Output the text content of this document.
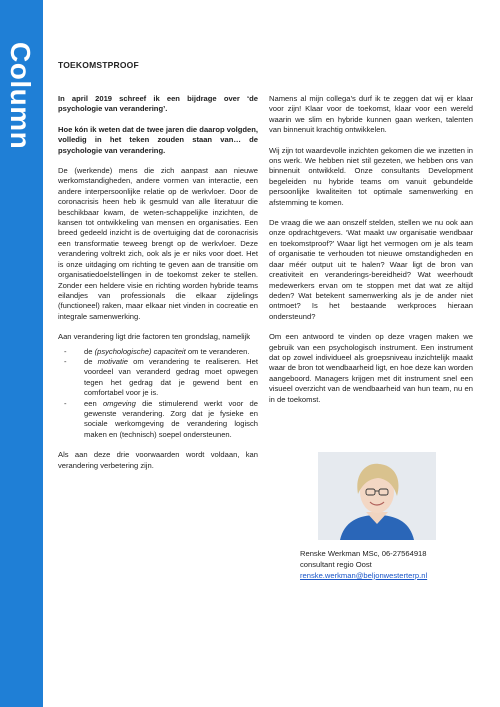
Column	TOEKOMSTPROOF

In april 2019 schreef ik een bijdrage over ‘de psychologie van verandering’.

Hoe kón ik weten dat de twee jaren die daarop volgden, volledig in het teken zouden staan van… de psychologie van verandering.

De (werkende) mens die zich aanpast aan nieuwe werkomstandigheden, andere vormen van interactie, een andere interpersoonlijke relatie op de werkvloer. Door de coronacrisis heen heb ik gesmuld van alle literatuur die beschikbaar kwam, de weten-schappelijke inzichten, de kansen tot ontwikkeling van mensen en organisaties. Een breed gedeeld inzicht is de overtuiging dat de coronacrisis een transformatie teweeg brengt op de werkvloer. Deze verandering voltrekt zich, ook als je er niks voor doet. Het is onze uitdaging om richting te geven aan de transitie om organisatiedoelstellingen in de toekomst zeker te stellen. Zonder een heldere visie en richting worden hybride teams eilandjes van professionals die elkaar zijdelings (functioneel) raken, maar elkaar niet vinden in cocreatie en integrale samenwerking.

Aan verandering ligt drie factoren ten grondslag, namelijk

- de (psychologische) capaciteit om te veranderen.
- de motivatie om verandering te realiseren. Het voordeel van veranderd gedrag moet opwegen tegen het gedrag dat je gewend bent en comfortabel voor je is.
- een omgeving die stimulerend werkt voor de gewenste verandering. Zorg dat je fysieke en sociale werkomgeving de verandering logisch maken en (technisch) soepel ondersteunen.

Als aan deze drie voorwaarden wordt voldaan, kan verandering verbetering zijn.

Namens al mijn collega’s durf ik te zeggen dat wij er klaar voor zijn! Klaar voor de toekomst, klaar voor een wereld waarin we slim en hybride kunnen gaan werken, talenten van binnenuit krachtig ontwikkelen.

Wij zijn tot waardevolle inzichten gekomen die we inzetten in ons werk. We hebben niet stil gezeten, we hebben ons van binnenuit ontwikkeld. Onze consultants Development begeleiden nu hybride teams om vanuit gebundelde persoonlijke kwaliteiten tot optimale samenwerking en afstemming te komen.

De vraag die we aan onszelf stelden, stellen we nu ook aan onze opdrachtgevers. ‘Wat maakt uw organisatie wendbaar en toekomstproof?’ Waar ligt het vermogen om je als team of organisatie te verhouden tot nieuwe omstandigheden en daar méér output uit te halen? Waar ligt de bron van creativiteit en veranderings-bereidheid? Wat weerhoudt medewerkers ervan om te stoppen met dat wat ze altijd deden? Wat betekent samenwerking als je de ander niet ontmoet? Is het bestaande werkproces hieraan ondersteund?

Om een antwoord te vinden op deze vragen maken we gebruik van een psychologisch instrument. Een instrument dat op zowel individueel als groepsniveau inzichtelijk maakt waar de bron tot wendbaarheid ligt, en hoe deze kan worden aangeboord. Managers krijgen met dit instrument snel een visueel overzicht van de wendbaarheid van hun team, nu en in de toekomst.

Renske Werkman MSc, 06-27564918
consultant regio Oost
renske.werkman@beljonwesterterp.nl
